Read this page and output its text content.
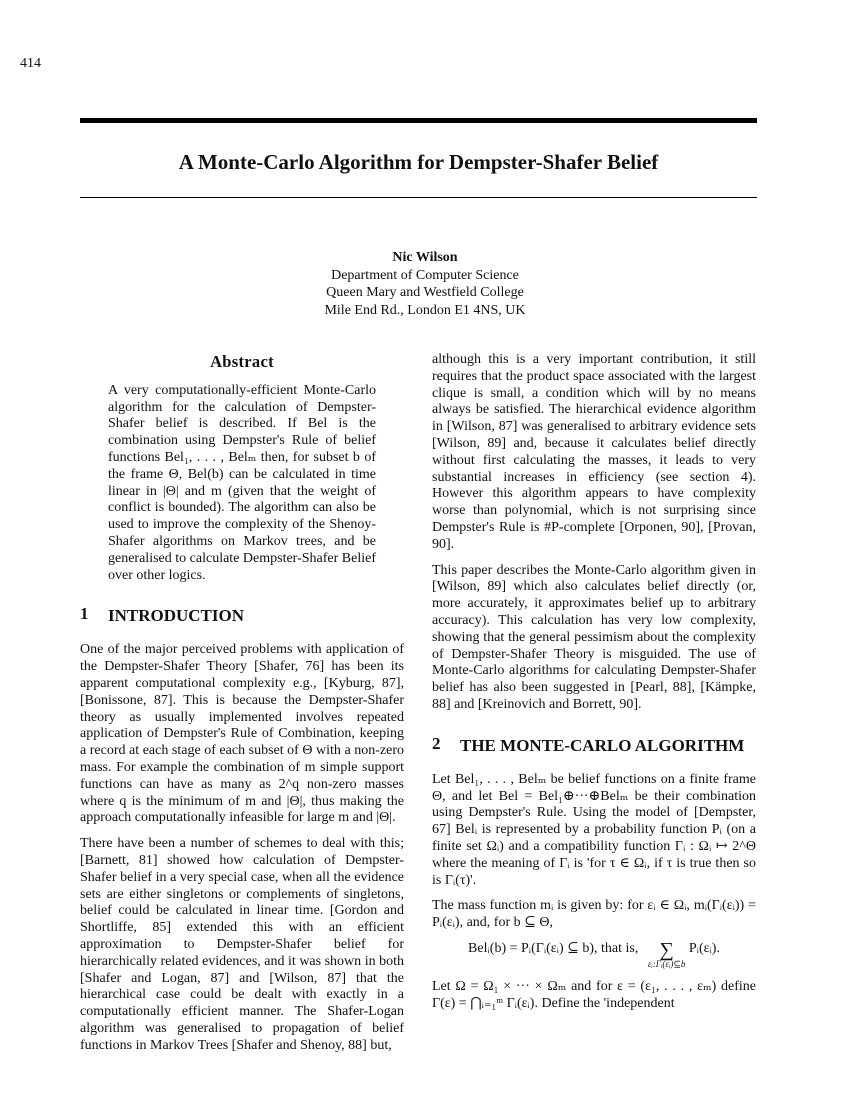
414
A Monte-Carlo Algorithm for Dempster-Shafer Belief
Nic Wilson
Department of Computer Science
Queen Mary and Westfield College
Mile End Rd., London E1 4NS, UK
Abstract

A very computationally-efficient Monte-Carlo algorithm for the calculation of Dempster-Shafer belief is described. If Bel is the combination using Dempster's Rule of belief functions Bel₁, . . . , Belₘ then, for subset b of the frame Θ, Bel(b) can be calculated in time linear in |Θ| and m (given that the weight of conflict is bounded). The algorithm can also be used to improve the complexity of the Shenoy-Shafer algorithms on Markov trees, and be generalised to calculate Dempster-Shafer Belief over other logics.

1	INTRODUCTION

One of the major perceived problems with application of the Dempster-Shafer Theory [Shafer, 76] has been its apparent computational complexity e.g., [Kyburg, 87], [Bonissone, 87]. This is because the Dempster-Shafer theory as usually implemented involves repeated application of Dempster's Rule of Combination, keeping a record at each stage of each subset of Θ with a non-zero mass. For example the combination of m simple support functions can have as many as 2^q non-zero masses where q is the minimum of m and |Θ|, thus making the approach computationally infeasible for large m and |Θ|.

There have been a number of schemes to deal with this; [Barnett, 81] showed how calculation of Dempster-Shafer belief in a very special case, when all the evidence sets are either singletons or complements of singletons, belief could be calculated in linear time. [Gordon and Shortliffe, 85] extended this with an efficient approximation to Dempster-Shafer belief for hierarchically related evidences, and it was shown in both [Shafer and Logan, 87] and [Wilson, 87] that the hierarchical case could be dealt with exactly in a computationally efficient manner. The Shafer-Logan algorithm was generalised to propagation of belief functions in Markov Trees [Shafer and Shenoy, 88] but,

although this is a very important contribution, it still requires that the product space associated with the largest clique is small, a condition which will by no means always be satisfied. The hierarchical evidence algorithm in [Wilson, 87] was generalised to arbitrary evidence sets [Wilson, 89] and, because it calculates belief directly without first calculating the masses, it leads to very substantial increases in efficiency (see section 4). However this algorithm appears to have complexity worse than polynomial, which is not surprising since Dempster's Rule is #P-complete [Orponen, 90], [Provan, 90].

This paper describes the Monte-Carlo algorithm given in [Wilson, 89] which also calculates belief directly (or, more accurately, it approximates belief up to arbitrary accuracy). This calculation has very low complexity, showing that the general pessimism about the complexity of Dempster-Shafer Theory is misguided. The use of Monte-Carlo algorithms for calculating Dempster-Shafer belief has also been suggested in [Pearl, 88], [Kämpke, 88] and [Kreinovich and Borrett, 90].

2	THE MONTE-CARLO ALGORITHM

Let Bel₁, . . . , Belₘ be belief functions on a finite frame Θ, and let Bel = Bel₁⊕···⊕Belₘ be their combination using Dempster's Rule. Using the model of [Dempster, 67] Belᵢ is represented by a probability function Pᵢ (on a finite set Ωᵢ) and a compatibility function Γᵢ : Ωᵢ ↦ 2^Θ where the meaning of Γᵢ is 'for τ ∈ Ωᵢ, if τ is true then so is Γᵢ(τ)'.

The mass function mᵢ is given by: for εᵢ ∈ Ωᵢ, mᵢ(Γᵢ(εᵢ)) = Pᵢ(εᵢ), and, for b ⊆ Θ,

Belᵢ(b) = Pᵢ(Γᵢ(εᵢ) ⊆ b), that is,	∑
εᵢ:Γᵢ(εᵢ)⊆b
Pᵢ(εᵢ).

Let Ω = Ω₁ × ··· × Ωₘ and for ε = (ε₁, . . . , εₘ) define Γ(ε) = ⋂ᵢ₌₁ᵐ Γᵢ(εᵢ). Define the 'independent
